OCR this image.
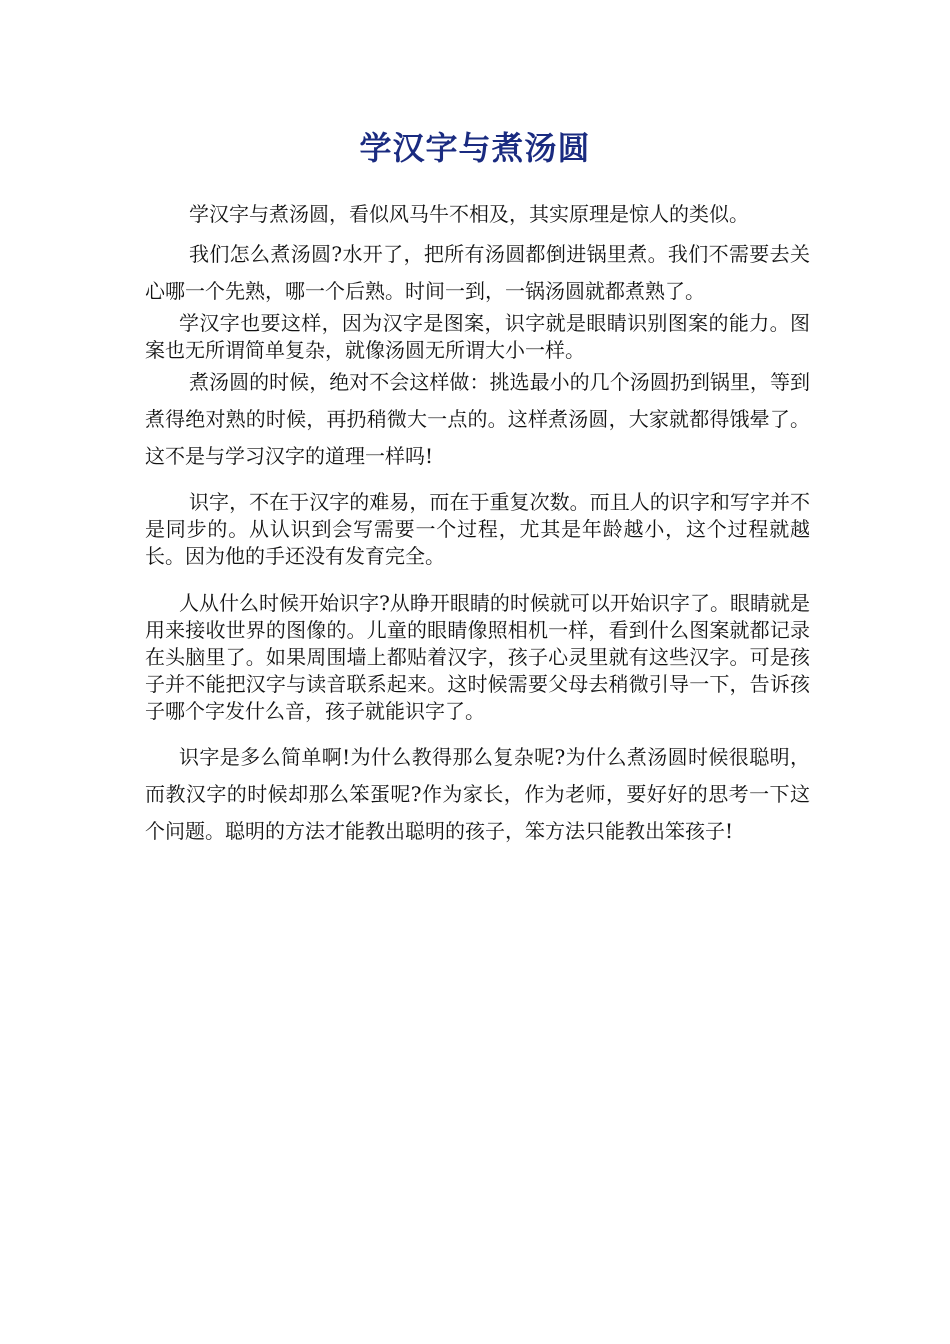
学汉字与煮汤圆

学汉字与煮汤圆，看似风马牛不相及，其实原理是惊人的类似。

我们怎么煮汤圆?水开了，把所有汤圆都倒进锅里煮。我们不需要去关心哪一个先熟，哪一个后熟。时间一到，一锅汤圆就都煮熟了。

学汉字也要这样，因为汉字是图案，识字就是眼睛识别图案的能力。图案也无所谓简单复杂，就像汤圆无所谓大小一样。

煮汤圆的时候，绝对不会这样做：挑选最小的几个汤圆扔到锅里，等到煮得绝对熟的时候，再扔稍微大一点的。这样煮汤圆，大家就都得饿晕了。这不是与学习汉字的道理一样吗!

识字，不在于汉字的难易，而在于重复次数。而且人的识字和写字并不是同步的。从认识到会写需要一个过程，尤其是年龄越小，这个过程就越长。因为他的手还没有发育完全。

人从什么时候开始识字?从睁开眼睛的时候就可以开始识字了。眼睛就是用来接收世界的图像的。儿童的眼睛像照相机一样，看到什么图案就都记录在头脑里了。如果周围墙上都贴着汉字，孩子心灵里就有这些汉字。可是孩子并不能把汉字与读音联系起来。这时候需要父母去稍微引导一下，告诉孩子哪个字发什么音，孩子就能识字了。

识字是多么简单啊!为什么教得那么复杂呢?为什么煮汤圆时候很聪明，而教汉字的时候却那么笨蛋呢?作为家长，作为老师，要好好的思考一下这个问题。聪明的方法才能教出聪明的孩子，笨方法只能教出笨孩子!
